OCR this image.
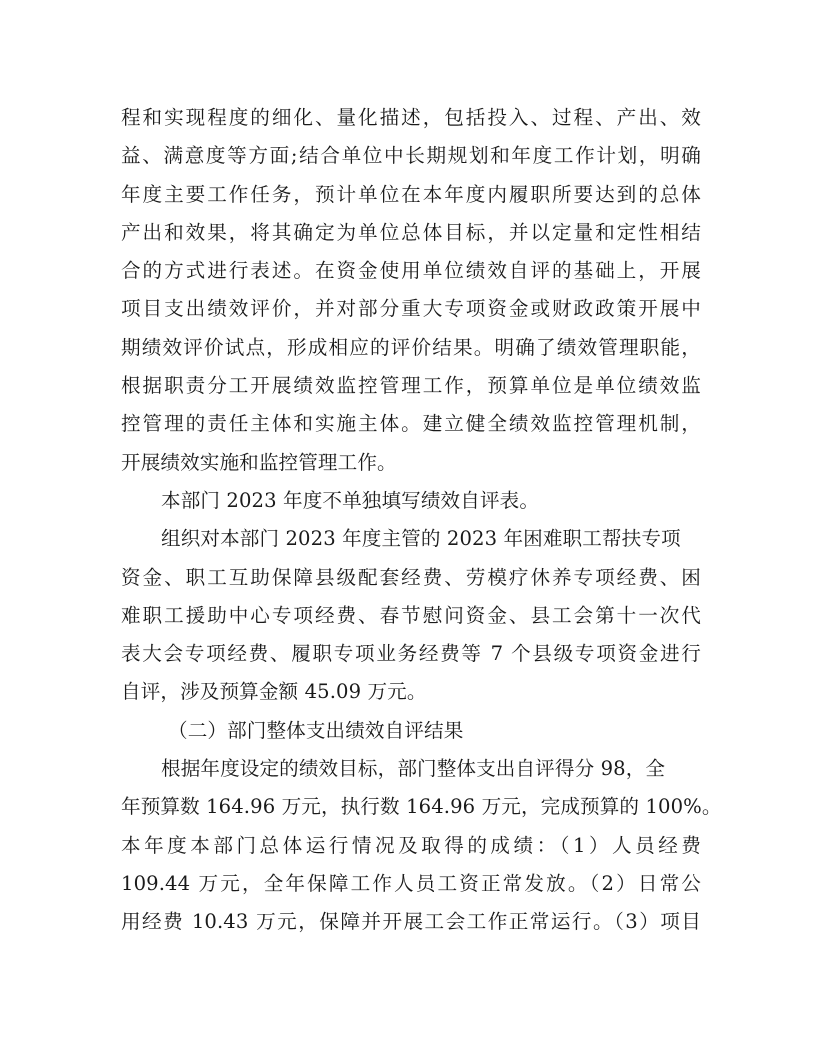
程和实现程度的细化、量化描述，包括投入、过程、产出、效
益、满意度等方面;结合单位中长期规划和年度工作计划，明确
年度主要工作任务，预计单位在本年度内履职所要达到的总体
产出和效果，将其确定为单位总体目标，并以定量和定性相结
合的方式进行表述。在资金使用单位绩效自评的基础上，开展
项目支出绩效评价，并对部分重大专项资金或财政政策开展中
期绩效评价试点，形成相应的评价结果。明确了绩效管理职能，
根据职责分工开展绩效监控管理工作，预算单位是单位绩效监
控管理的责任主体和实施主体。建立健全绩效监控管理机制，
开展绩效实施和监控管理工作。
本部门 2023 年度不单独填写绩效自评表。
组织对本部门 2023 年度主管的 2023 年困难职工帮扶专项
资金、职工互助保障县级配套经费、劳模疗休养专项经费、困
难职工援助中心专项经费、春节慰问资金、县工会第十一次代
表大会专项经费、履职专项业务经费等 7 个县级专项资金进行
自评，涉及预算金额 45.09 万元。
（二）部门整体支出绩效自评结果
根据年度设定的绩效目标，部门整体支出自评得分 98，全
年预算数 164.96 万元，执行数 164.96 万元，完成预算的 100%。
本年度本部门总体运行情况及取得的成绩：（1）人员经费
109.44 万元，全年保障工作人员工资正常发放。（2）日常公
用经费 10.43 万元，保障并开展工会工作正常运行。（3）项目
